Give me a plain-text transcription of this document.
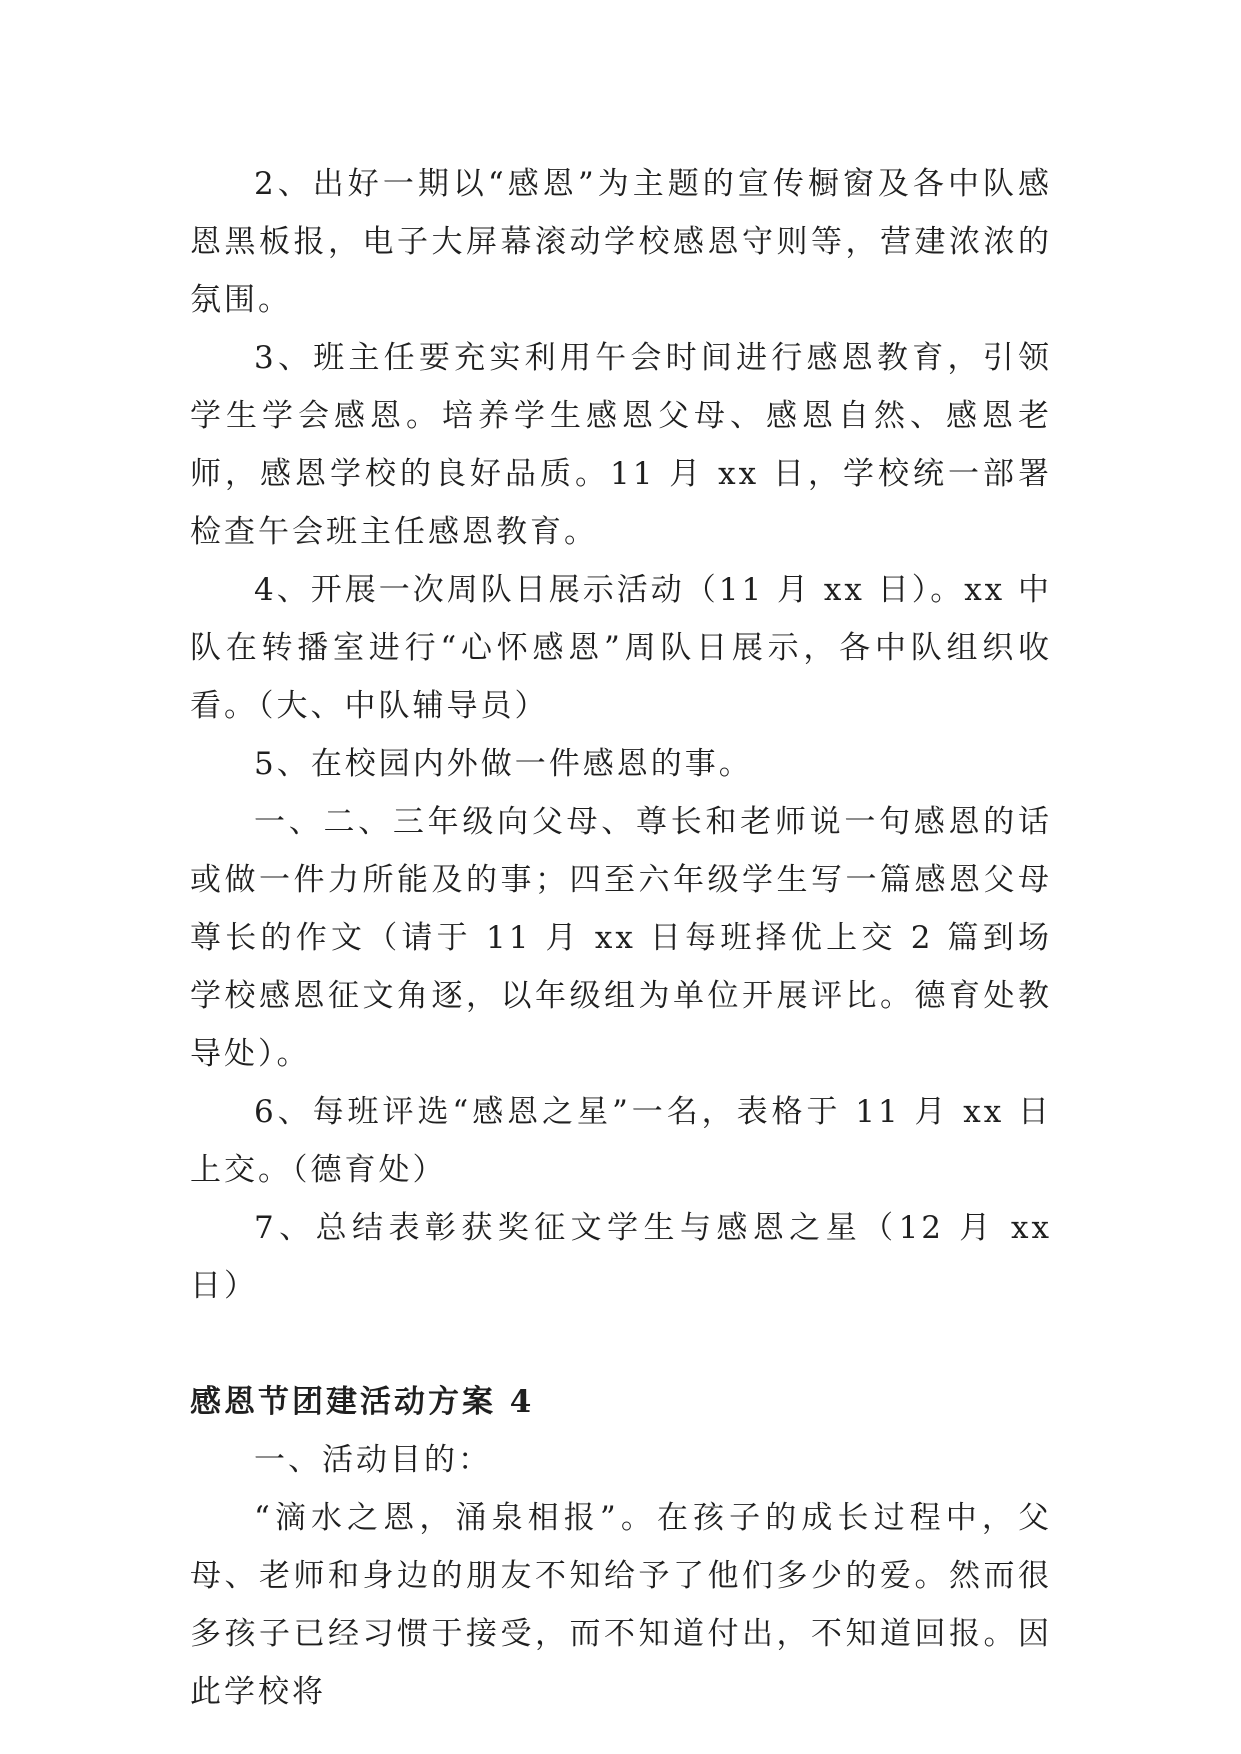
2、出好一期以“感恩”为主题的宣传橱窗及各中队感恩黑板报，电子大屏幕滚动学校感恩守则等，营建浓浓的氛围。

3、班主任要充实利用午会时间进行感恩教育，引领学生学会感恩。培养学生感恩父母、感恩自然、感恩老师，感恩学校的良好品质。11 月 xx 日，学校统一部署检查午会班主任感恩教育。

4、开展一次周队日展示活动（11 月 xx 日）。xx 中队在转播室进行“心怀感恩”周队日展示，各中队组织收看。（大、中队辅导员）

5、在校园内外做一件感恩的事。

一、二、三年级向父母、尊长和老师说一句感恩的话或做一件力所能及的事；四至六年级学生写一篇感恩父母尊长的作文（请于 11 月 xx 日每班择优上交 2 篇到场学校感恩征文角逐，以年级组为单位开展评比。德育处教导处）。

6、每班评选“感恩之星”一名，表格于 11 月 xx 日上交。（德育处）

7、总结表彰获奖征文学生与感恩之星（12 月 xx 日）

感恩节团建活动方案 4

一、活动目的：

“滴水之恩，涌泉相报”。在孩子的成长过程中，父母、老师和身边的朋友不知给予了他们多少的爱。然而很多孩子已经习惯于接受，而不知道付出，不知道回报。因此学校将
